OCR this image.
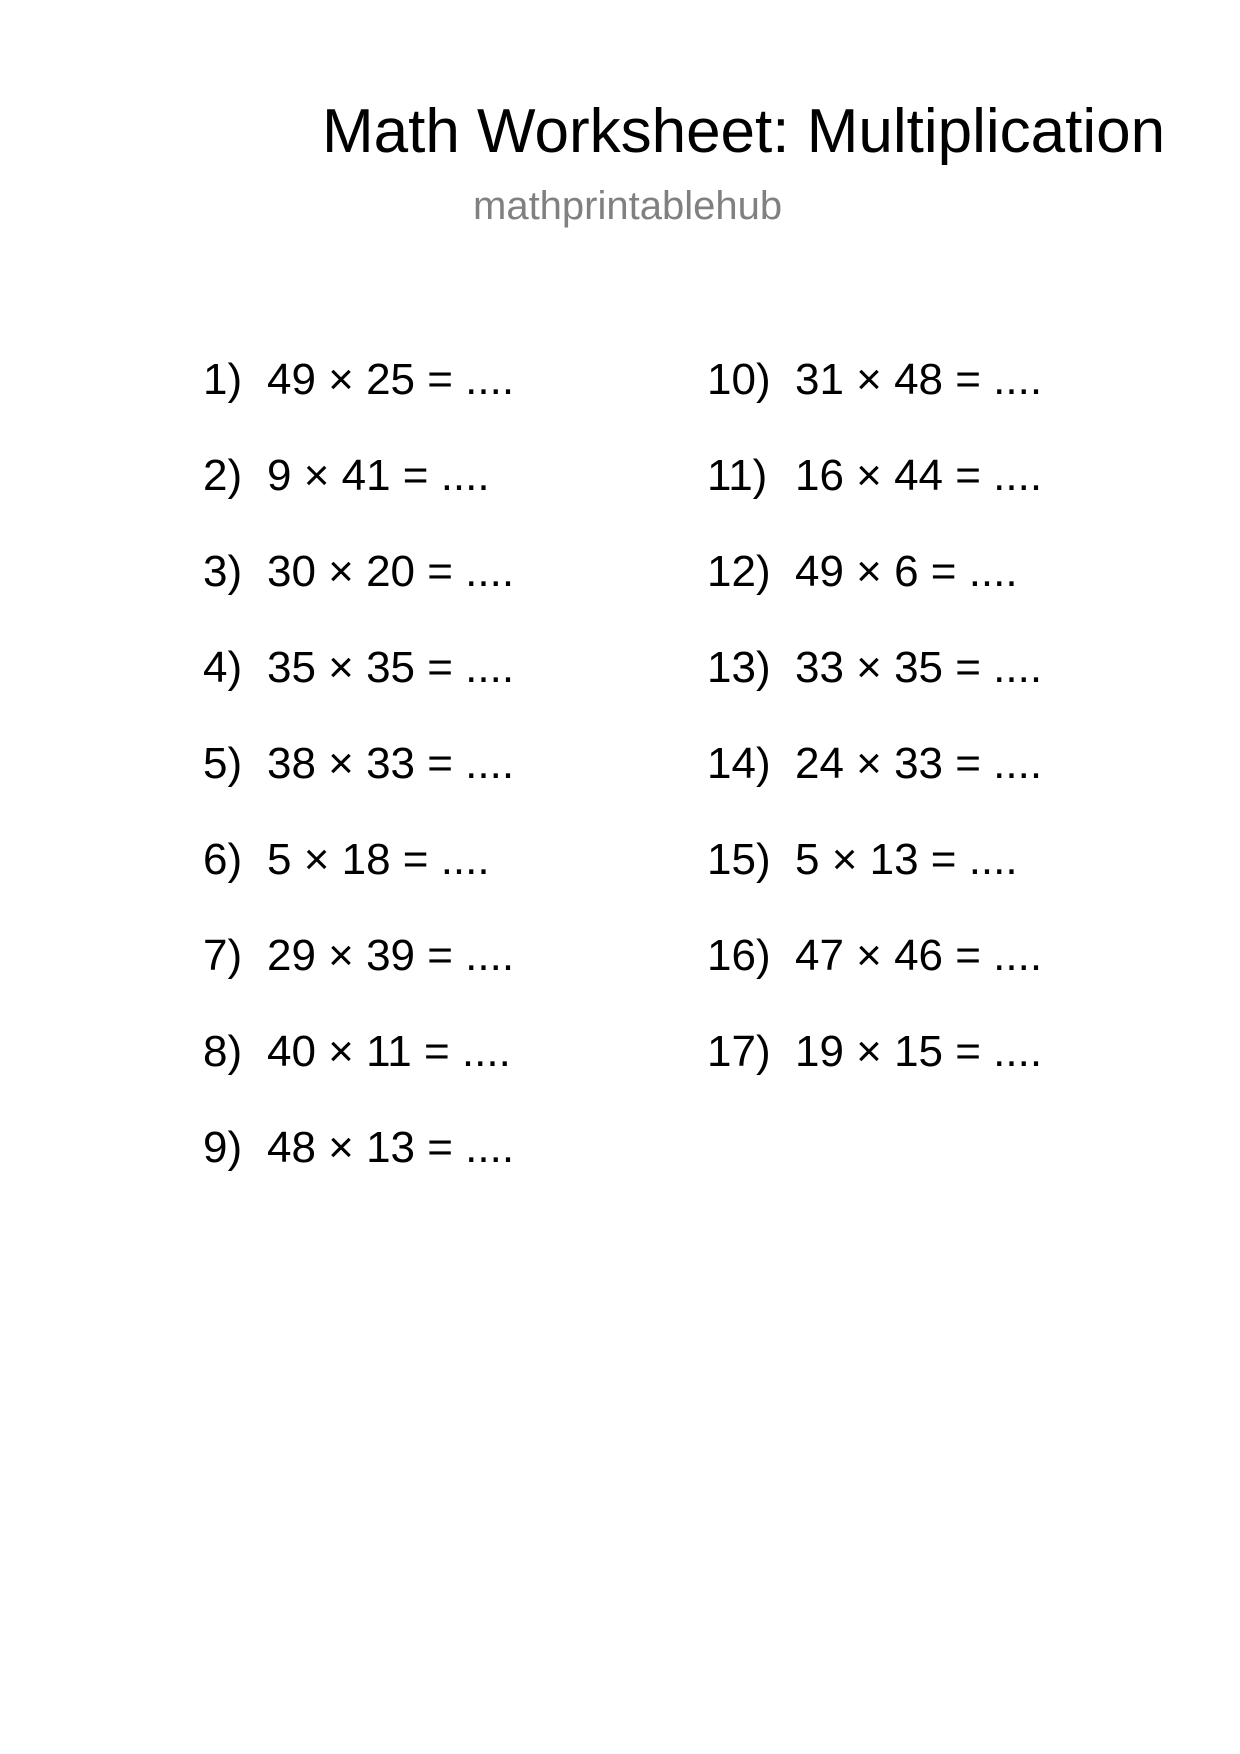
Math Worksheet: Multiplication
mathprintablehub
1) 49 × 25 = ....
2) 9 × 41 = ....
3) 30 × 20 = ....
4) 35 × 35 = ....
5) 38 × 33 = ....
6) 5 × 18 = ....
7) 29 × 39 = ....
8) 40 × 11 = ....
9) 48 × 13 = ....
10) 31 × 48 = ....
11) 16 × 44 = ....
12) 49 × 6 = ....
13) 33 × 35 = ....
14) 24 × 33 = ....
15) 5 × 13 = ....
16) 47 × 46 = ....
17) 19 × 15 = ....
